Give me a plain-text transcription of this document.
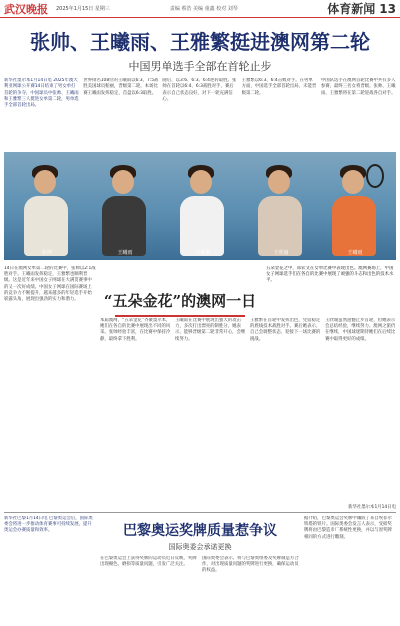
武汉晚报 2025年1月15日 星期三	责编 蔡浩 美编 童鑫 校对 刘琴	体育新闻 13
张帅、王曦雨、王雅繁挺进澳网第二轮
中国男单选手全部在首轮止步
新华社墨尔本1月14日电 2025年澳大利亚网球公开赛14日结束了男女单打首轮的争夺，中国球员中张帅、王曦雨和王雅繁三人挺进女单第二轮，男单选手全部首轮出局。
世界排名108位的王曦雨以6:3、7:5战胜美国球员帕丽，晋级第二轮。本场比赛王曦雨发挥稳定，首盘以6:3取胜。
随后，以3:6、6:3、6:4逆转取胜。张帅在首轮以6:4、6:3战胜对手，赛后表示自己状态良好，对下一轮充满信心。
王雅繁以6:3、6:4击败对手。在男单方面，中国选手全部首轮出局，未能晋级第二轮。
中国队选手在澳网首轮比赛中共有多人参赛，最终三名女将晋级。张帅、王曦雨、王雅繁将在第二轮迎战各自对手。
张帅	王曦雨	王雅繁	王欣瑜	王曦雨
14日在澳网女单第二轮的比赛中，张帅以2:1战胜对手。王曦雨发挥稳定，王雅繁也顺利晋级。这是近年来中国女子网球在大满贯赛事中的又一次好成绩。中国女子网球在国际赛场上的竞争力不断提升，越来越多的年轻选手开始崭露头角，展现出强劲的实力和潜力。	“五朵金花”的澳网一日
五朵金花之中，郑钦文在女单比赛中表现出色。澳网赛场上，中国女子网球选手们在各自的比赛中展现了顽强的斗志和出色的技术水平。
本届澳网，“五朵金花”齐聚墨尔本，她们在各自的比赛中展现出不同的风采。张帅经验丰富，在比赛中保持冷静，最终拿下胜利。
王曦雨在比赛中展现出强大的攻击力，多次打出漂亮的制胜分。她表示，能够晋级第二轮非常开心，会继续努力。
王雅繁在首轮中发挥出色，凭借稳定的底线技术战胜对手。赛后她表示，自己会调整状态，迎接下一场比赛的挑战。
王欣瑜虽然遗憾止步首轮，但她表示会总结经验，继续努力。澳网之旅仍在继续，中国球迷期待她们在后续比赛中取得更好的成绩。
新华社墨尔本1月14日电
新华社巴黎1月14日电 巴黎奥运会后，国际奥委会将进一步推动体育赛事可持续发展，提升奥运会办赛质量和效率。	巴黎奥运奖牌质量惹争议
国际奥委会承诺更换
在巴黎奥运会上获得奖牌的运动员近日反映，奖牌出现褪色、磨损等质量问题，引发广泛关注。
国际奥委会表示，将与巴黎奥组委及奖牌制造方合作，对出现质量问题的奖牌进行更换，确保运动员的权益。
据介绍，巴黎奥运会奖牌中镶嵌了来自埃菲尔铁塔的铁片。国际奥委会发言人表示，受损奖牌将由巴黎造币厂系统性更换，并以与原奖牌相同的方式进行雕刻。
